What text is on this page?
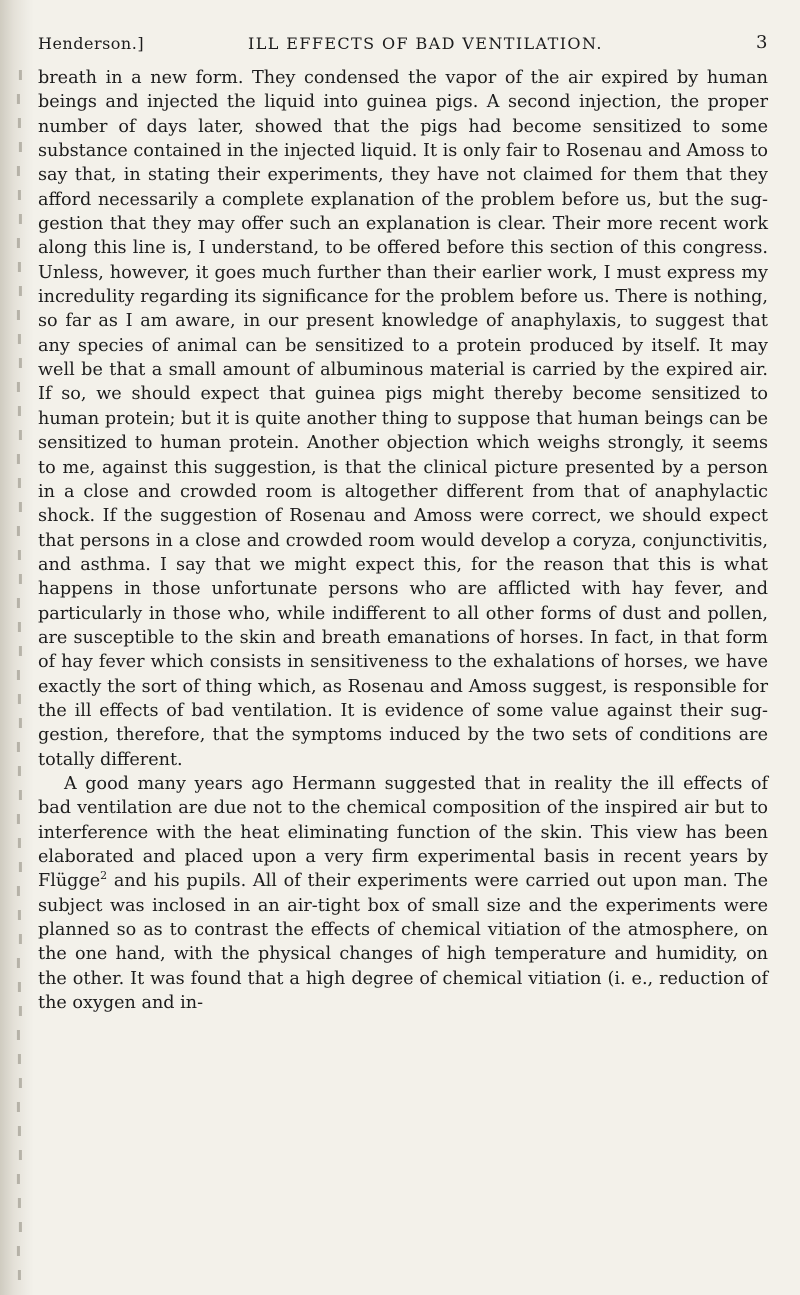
Henderson.]	ILL EFFECTS OF BAD VENTILATION.	3

breath in a new form. They condensed the vapor of the air expired by human beings and injected the liquid into guinea pigs. A second injection, the proper number of days later, showed that the pigs had become sensitized to some substance contained in the injected liquid. It is only fair to Rosenau and Amoss to say that, in stating their experiments, they have not claimed for them that they afford necessarily a complete explanation of the problem before us, but the suggestion that they may offer such an explanation is clear. Their more recent work along this line is, I understand, to be offered before this section of this congress. Unless, however, it goes much further than their earlier work, I must express my incredulity regarding its significance for the problem before us. There is nothing, so far as I am aware, in our present knowledge of anaphylaxis, to suggest that any species of animal can be sensitized to a protein produced by itself. It may well be that a small amount of albuminous material is carried by the expired air. If so, we should expect that guinea pigs might thereby become sensitized to human protein; but it is quite another thing to suppose that human beings can be sensitized to human protein. Another objection which weighs strongly, it seems to me, against this suggestion, is that the clinical picture presented by a person in a close and crowded room is altogether different from that of anaphylactic shock. If the suggestion of Rosenau and Amoss were correct, we should expect that persons in a close and crowded room would develop a coryza, conjunctivitis, and asthma. I say that we might expect this, for the reason that this is what happens in those unfortunate persons who are afflicted with hay fever, and particularly in those who, while indifferent to all other forms of dust and pollen, are susceptible to the skin and breath emanations of horses. In fact, in that form of hay fever which consists in sensitiveness to the exhalations of horses, we have exactly the sort of thing which, as Rosenau and Amoss suggest, is responsible for the ill effects of bad ventilation. It is evidence of some value against their suggestion, therefore, that the symptoms induced by the two sets of conditions are totally different.

A good many years ago Hermann suggested that in reality the ill effects of bad ventilation are due not to the chemical composition of the inspired air but to interference with the heat eliminating function of the skin. This view has been elaborated and placed upon a very firm experimental basis in recent years by Flügge$^2$ and his pupils. All of their experiments were carried out upon man. The subject was inclosed in an air-tight box of small size and the experiments were planned so as to contrast the effects of chemical vitiation of the atmosphere, on the one hand, with the physical changes of high temperature and humidity, on the other. It was found that a high degree of chemical vitiation (i. e., reduction of the oxygen and in-
